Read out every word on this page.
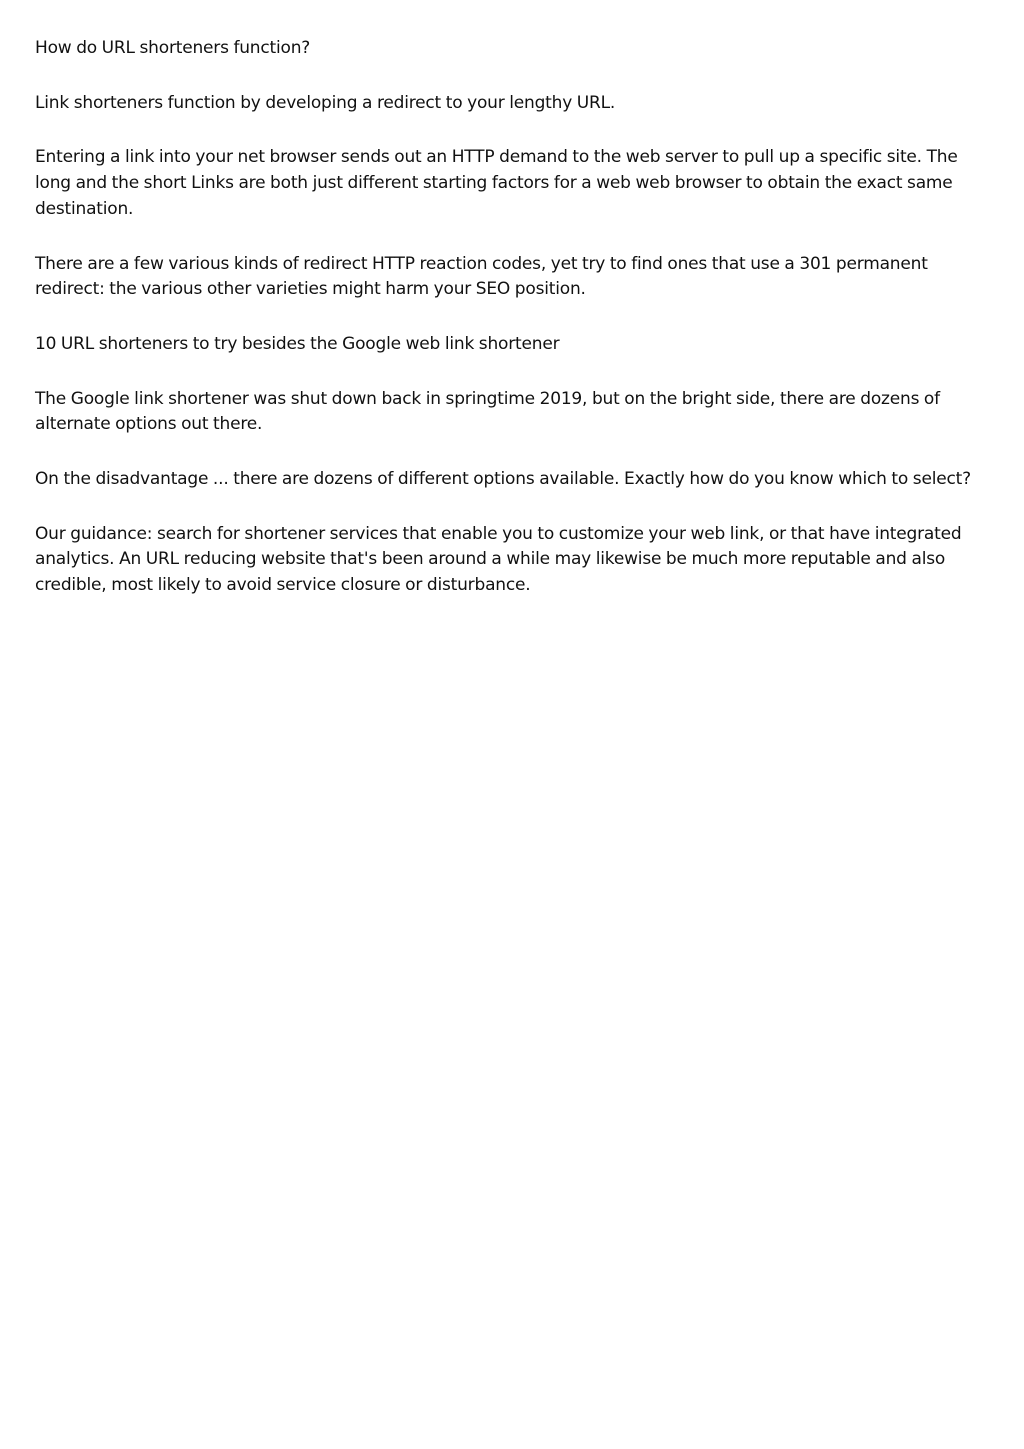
How do URL shorteners function?

Link shorteners function by developing a redirect to your lengthy URL.

Entering a link into your net browser sends out an HTTP demand to the web server to pull up a specific site. The long and the short Links are both just different starting factors for a web web browser to obtain the exact same destination.

There are a few various kinds of redirect HTTP reaction codes, yet try to find ones that use a 301 permanent redirect: the various other varieties might harm your SEO position.

10 URL shorteners to try besides the Google web link shortener

The Google link shortener was shut down back in springtime 2019, but on the bright side, there are dozens of alternate options out there.

On the disadvantage ... there are dozens of different options available. Exactly how do you know which to select?

Our guidance: search for shortener services that enable you to customize your web link, or that have integrated analytics. An URL reducing website that's been around a while may likewise be much more reputable and also credible, most likely to avoid service closure or disturbance.
